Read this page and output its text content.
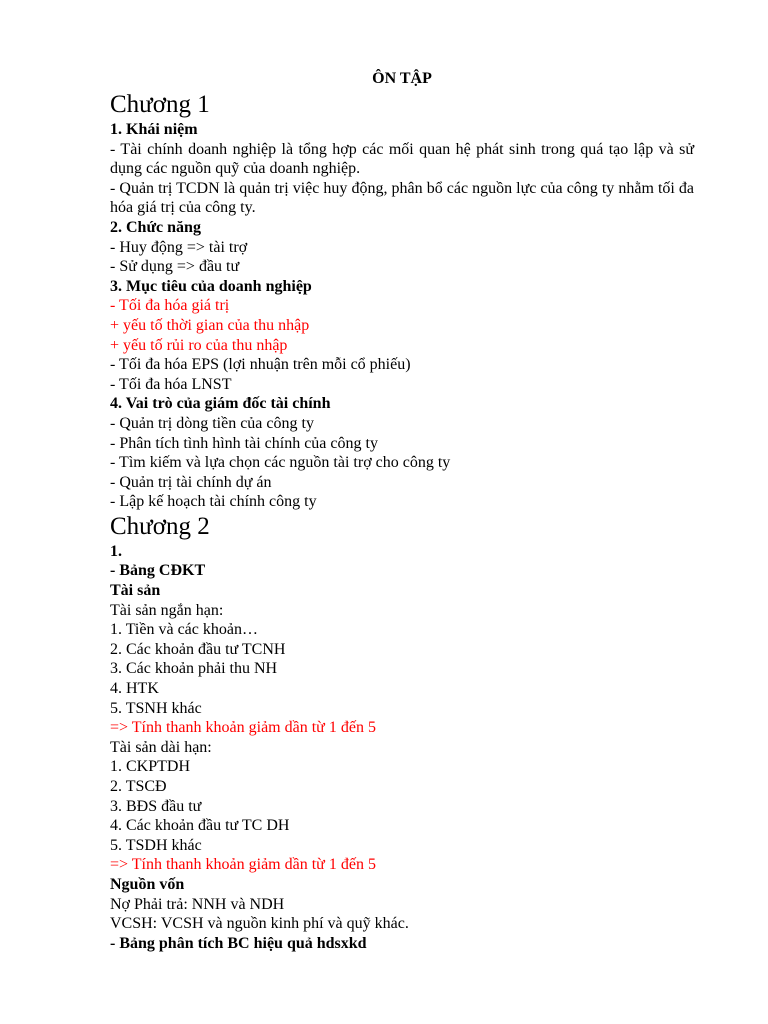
ÔN TẬP

Chương 1

1. Khái niệm

- Tài chính doanh nghiệp là tổng hợp các mối quan hệ phát sinh trong quá tạo lập và sử dụng các nguồn quỹ của doanh nghiệp.

- Quản trị TCDN là quản trị việc huy động, phân bổ các nguồn lực của công ty nhằm tối đa hóa giá trị của công ty.

2. Chức năng

- Huy động => tài trợ

- Sử dụng => đầu tư

3. Mục tiêu của doanh nghiệp

- Tối đa hóa giá trị

+ yếu tố thời gian của thu nhập

+ yếu tố rủi ro của thu nhập

- Tối đa hóa EPS (lợi nhuận trên mỗi cổ phiếu)

- Tối đa hóa LNST

4. Vai trò của giám đốc tài chính

- Quản trị dòng tiền của công ty

- Phân tích tình hình tài chính của công ty

- Tìm kiếm và lựa chọn các nguồn tài trợ cho công ty

- Quản trị tài chính dự án

- Lập kế hoạch tài chính công ty

Chương 2

1.

- Bảng CĐKT

Tài sản

Tài sản ngắn hạn:

1. Tiền và các khoản…

2. Các khoản đầu tư TCNH

3. Các khoản phải thu NH

4. HTK

5. TSNH khác

=> Tính thanh khoản giảm dần từ 1 đến 5

Tài sản dài hạn:

1. CKPTDH

2. TSCĐ

3. BĐS đầu tư

4. Các khoản đầu tư TC DH

5. TSDH khác

=> Tính thanh khoản giảm dần từ 1 đến 5

Nguồn vốn

Nợ Phải trả: NNH và NDH

VCSH: VCSH và nguồn kinh phí và quỹ khác.

- Bảng phân tích BC hiệu quả hdsxkd
